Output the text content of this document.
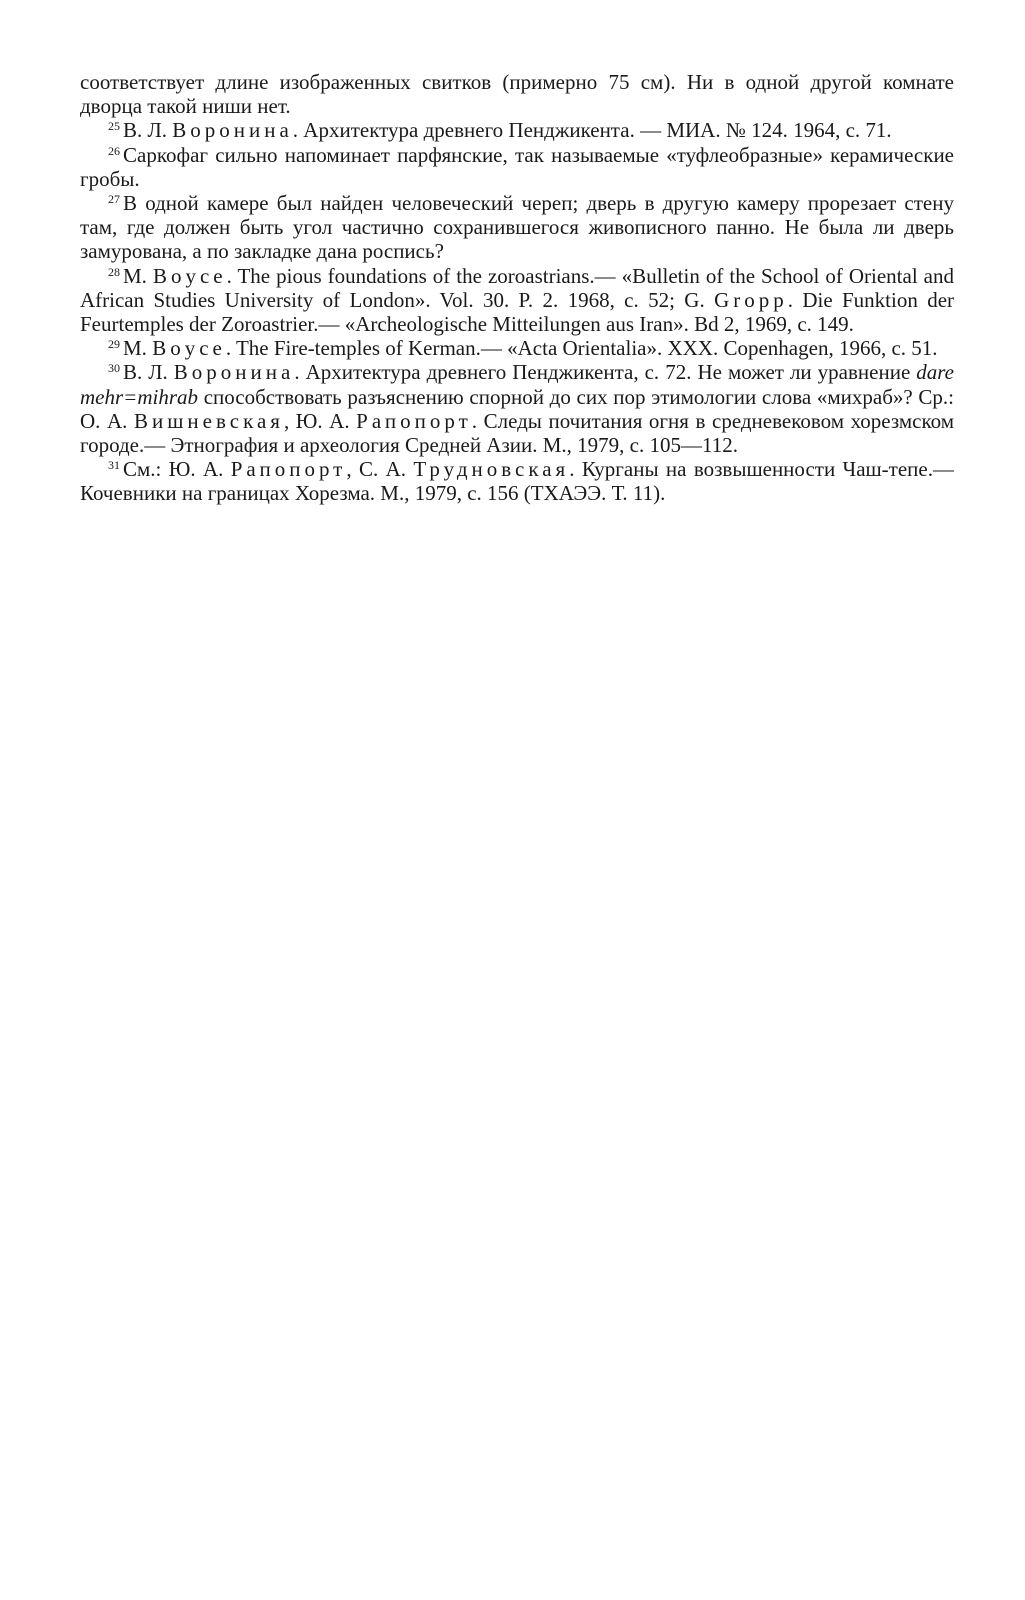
соответствует длине изображенных свитков (примерно 75 см). Ни в одной другой комнате дворца такой ниши нет.

$^{25}$ В. Л. Воронина. Архитектура древнего Пенджикента. — МИА. № 124. 1964, с. 71.

$^{26}$ Саркофаг сильно напоминает парфянские, так называемые «туфлеобразные» керамические гробы.

$^{27}$ В одной камере был найден человеческий череп; дверь в другую камеру прорезает стену там, где должен быть угол частично сохранившегося живописного панно. Не была ли дверь замурована, а по закладке дана роспись?

$^{28}$ M. Boyce. The pious foundations of the zoroastrians.— «Bulletin of the School of Oriental and African Studies University of London». Vol. 30. P. 2. 1968, c. 52; G. Gropp. Die Funktion der Feurtemples der Zoroastrier.— «Archeologische Mitteilungen aus Iran». Bd 2, 1969, c. 149.

$^{29}$ M. Boyce. The Fire-temples of Kerman.— «Acta Orientalia». XXX. Copenhagen, 1966, c. 51.

$^{30}$ В. Л. Воронина. Архитектура древнего Пенджикента, с. 72. Не может ли уравнение dare mehr=mihrab способствовать разъяснению спорной до сих пор этимологии слова «михраб»? Ср.: О. А. Вишневская, Ю. А. Рапопорт. Следы почитания огня в средневековом хорезмском городе.— Этнография и археология Средней Азии. М., 1979, с. 105—112.

$^{31}$ См.: Ю. А. Рапопорт, С. А. Трудновская. Курганы на возвышенности Чаш-тепе.— Кочевники на границах Хорезма. М., 1979, с. 156 (ТХАЭЭ. Т. 11).
